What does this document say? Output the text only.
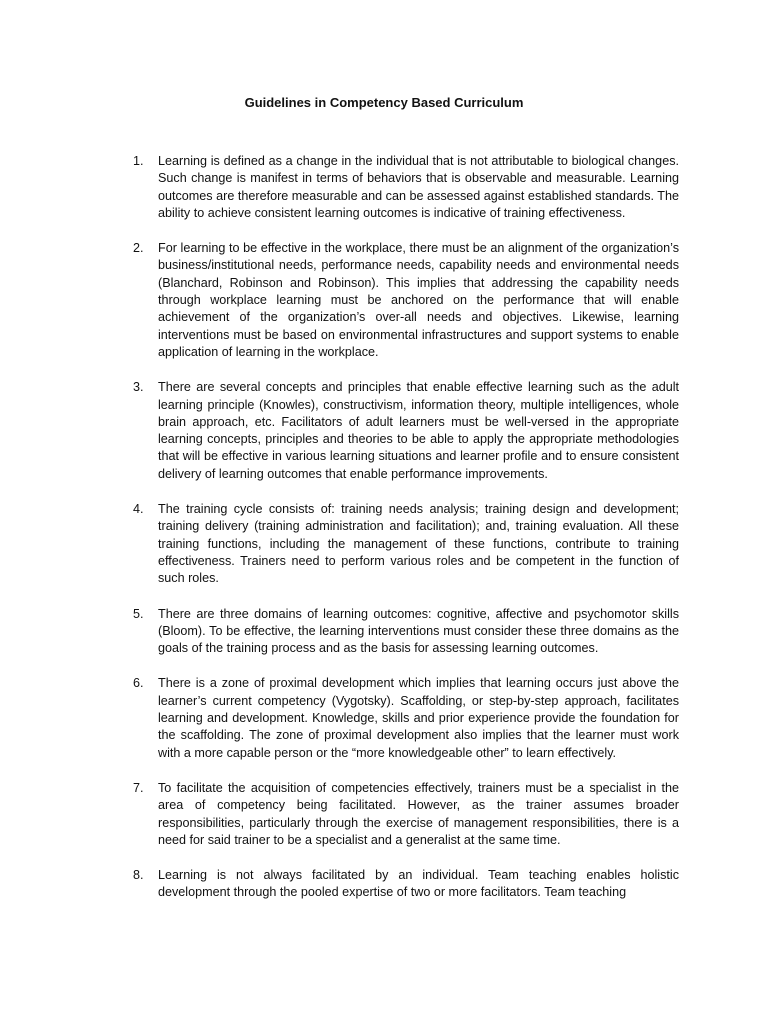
Guidelines in Competency Based Curriculum
1.	Learning is defined as a change in the individual that is not attributable to biological changes. Such change is manifest in terms of behaviors that is observable and measurable. Learning outcomes are therefore measurable and can be assessed against established standards. The ability to achieve consistent learning outcomes is indicative of training effectiveness.

2.	For learning to be effective in the workplace, there must be an alignment of the organization’s business/institutional needs, performance needs, capability needs and environmental needs (Blanchard, Robinson and Robinson). This implies that addressing the capability needs through workplace learning must be anchored on the performance that will enable achievement of the organization’s over-all needs and objectives. Likewise, learning interventions must be based on environmental infrastructures and support systems to enable application of learning in the workplace.

3.	There are several concepts and principles that enable effective learning such as the adult learning principle (Knowles), constructivism, information theory, multiple intelligences, whole brain approach, etc. Facilitators of adult learners must be well-versed in the appropriate learning concepts, principles and theories to be able to apply the appropriate methodologies that will be effective in various learning situations and learner profile and to ensure consistent delivery of learning outcomes that enable performance improvements.

4.	The training cycle consists of: training needs analysis; training design and development; training delivery (training administration and facilitation); and, training evaluation. All these training functions, including the management of these functions, contribute to training effectiveness. Trainers need to perform various roles and be competent in the function of such roles.

5.	There are three domains of learning outcomes: cognitive, affective and psychomotor skills (Bloom). To be effective, the learning interventions must consider these three domains as the goals of the training process and as the basis for assessing learning outcomes.

6.	There is a zone of proximal development which implies that learning occurs just above the learner’s current competency (Vygotsky). Scaffolding, or step-by-step approach, facilitates learning and development. Knowledge, skills and prior experience provide the foundation for the scaffolding. The zone of proximal development also implies that the learner must work with a more capable person or the “more knowledgeable other” to learn effectively.

7.	To facilitate the acquisition of competencies effectively, trainers must be a specialist in the area of competency being facilitated. However, as the trainer assumes broader responsibilities, particularly through the exercise of management responsibilities, there is a need for said trainer to be a specialist and a generalist at the same time.

8.	Learning is not always facilitated by an individual. Team teaching enables holistic development through the pooled expertise of two or more facilitators. Team teaching
